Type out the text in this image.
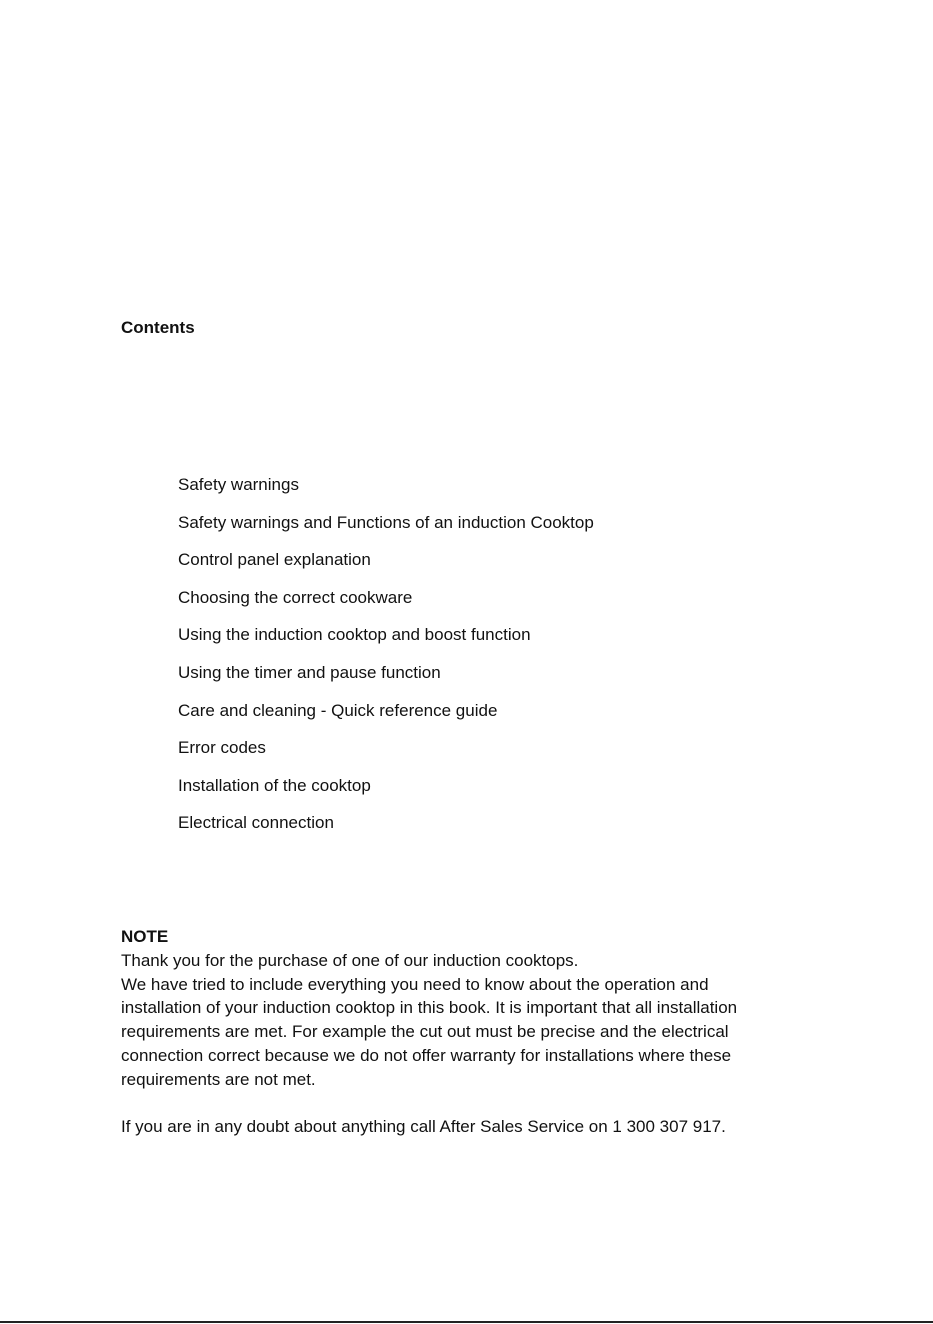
Contents
Safety warnings
Safety warnings and Functions of an induction Cooktop
Control panel explanation
Choosing the correct cookware
Using the induction cooktop and boost function
Using the timer and pause function
Care and cleaning - Quick reference guide
Error codes
Installation of the cooktop
Electrical connection

NOTE

Thank you for the purchase of one of our induction cooktops.

We have tried to include everything you need to know about the operation and

installation of your induction cooktop in this book. It is important that all installation

requirements are met. For example the cut out must be precise and the electrical

connection correct because we do not offer warranty for installations where these

requirements are not met.

If you are in any doubt about anything call After Sales Service on 1 300 307 917.
